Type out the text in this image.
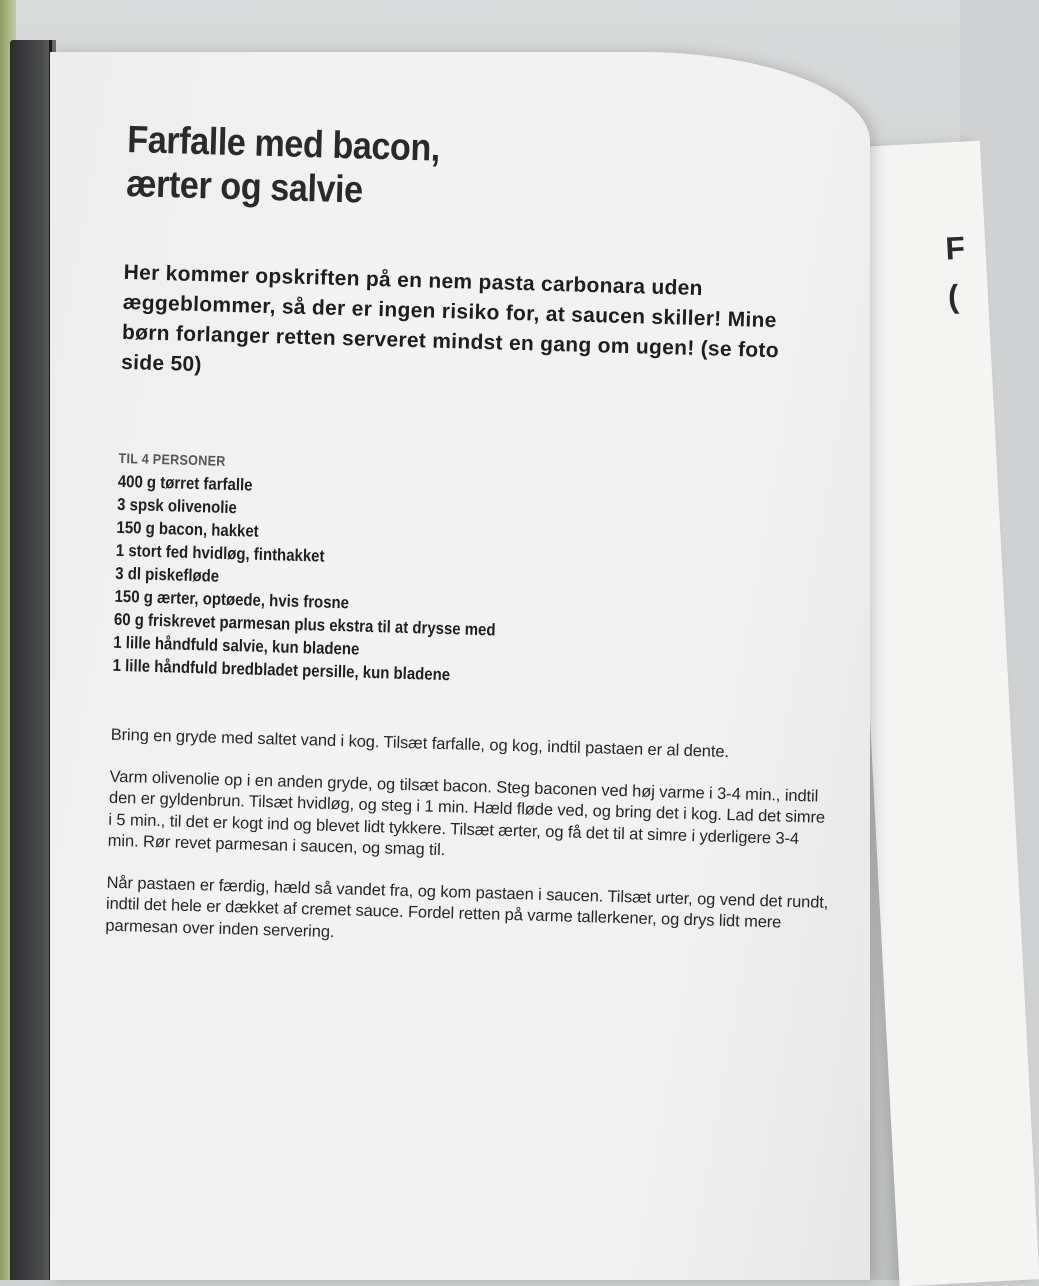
F
(
Farfalle med bacon,
ærter og salvie

Her kommer opskriften på en nem pasta carbonara uden æggeblommer, så der er ingen risiko for, at saucen skiller! Mine børn forlanger retten serveret mindst en gang om ugen! (se foto side 50)

TIL 4 PERSONER
400 g tørret farfalle
3 spsk olivenolie
150 g bacon, hakket
1 stort fed hvidløg, finthakket
3 dl piskefløde
150 g ærter, optøede, hvis frosne
60 g friskrevet parmesan plus ekstra til at drysse med
1 lille håndfuld salvie, kun bladene
1 lille håndfuld bredbladet persille, kun bladene

Bring en gryde med saltet vand i kog. Tilsæt farfalle, og kog, indtil pastaen er al dente.

Varm olivenolie op i en anden gryde, og tilsæt bacon. Steg baconen ved høj varme i 3-4 min., indtil den er gyldenbrun. Tilsæt hvidløg, og steg i 1 min. Hæld fløde ved, og bring det i kog. Lad det simre i 5 min., til det er kogt ind og blevet lidt tykkere. Tilsæt ærter, og få det til at simre i yderligere 3-4 min. Rør revet parmesan i saucen, og smag til.

Når pastaen er færdig, hæld så vandet fra, og kom pastaen i saucen. Tilsæt urter, og vend det rundt, indtil det hele er dækket af cremet sauce. Fordel retten på varme tallerkener, og drys lidt mere parmesan over inden servering.
